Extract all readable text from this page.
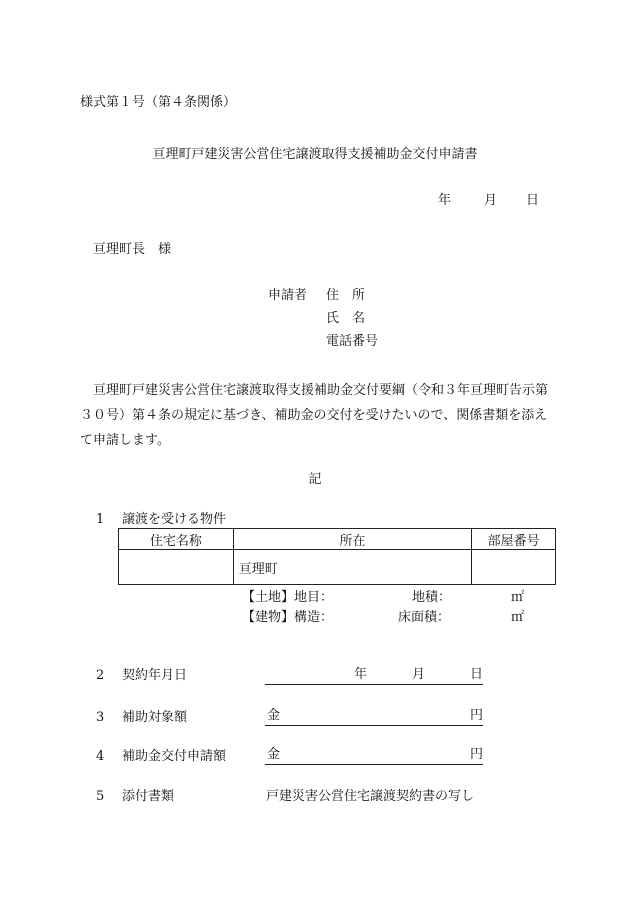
様式第１号（第４条関係）
亘理町戸建災害公営住宅譲渡取得支援補助金交付申請書
年	月 日
亘理町長　様
申請者 住　所
氏　名
電話番号
亘理町戸建災害公営住宅譲渡取得支援補助金交付要綱（令和３年亘理町告示第３０号）第４条の規定に基づき、補助金の交付を受けたいので、関係書類を添えて申請します。
記
1 譲渡を受ける物件
住宅名称	所在	部屋番号
	亘理町	
【土地】地目：	地積：	㎡
【建物】構造：	床面積：	㎡
2 契約年月日	年	月	日
3 補助対象額	金	円
4 補助金交付申請額	金	円
5 添付書類	戸建災害公営住宅譲渡契約書の写し
